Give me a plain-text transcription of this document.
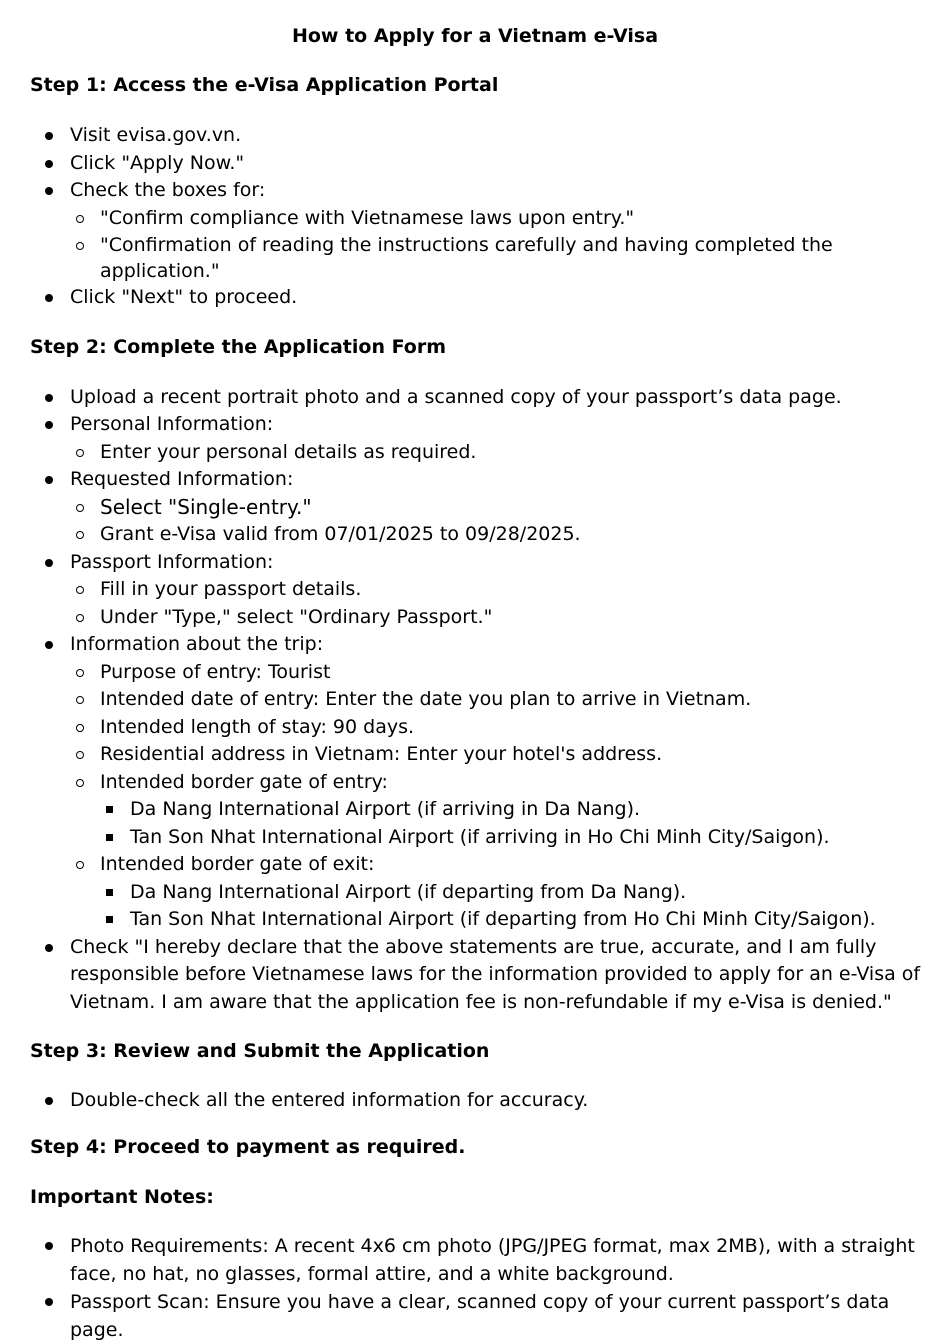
How to Apply for a Vietnam e-Visa
Step 1: Access the e-Visa Application Portal
Visit evisa.gov.vn.
Click "Apply Now."
Check the boxes for:
"Confirm compliance with Vietnamese laws upon entry."
"Confirmation of reading the instructions carefully and having completed the application."
Click "Next" to proceed.
Step 2: Complete the Application Form
Upload a recent portrait photo and a scanned copy of your passport’s data page.
Personal Information:
Enter your personal details as required.
Requested Information:
Select "Single-entry."
Grant e-Visa valid from 07/01/2025 to 09/28/2025.
Passport Information:
Fill in your passport details.
Under "Type," select "Ordinary Passport."
Information about the trip:
Purpose of entry: Tourist
Intended date of entry: Enter the date you plan to arrive in Vietnam.
Intended length of stay: 90 days.
Residential address in Vietnam: Enter your hotel's address.
Intended border gate of entry:
Da Nang International Airport (if arriving in Da Nang).
Tan Son Nhat International Airport (if arriving in Ho Chi Minh City/Saigon).
Intended border gate of exit:
Da Nang International Airport (if departing from Da Nang).
Tan Son Nhat International Airport (if departing from Ho Chi Minh City/Saigon).
Check "I hereby declare that the above statements are true, accurate, and I am fully responsible before Vietnamese laws for the information provided to apply for an e-Visa of Vietnam. I am aware that the application fee is non-refundable if my e-Visa is denied."
Step 3: Review and Submit the Application
Double-check all the entered information for accuracy.
Step 4: Proceed to payment as required.
Important Notes:
Photo Requirements: A recent 4x6 cm photo (JPG/JPEG format, max 2MB), with a straight face, no hat, no glasses, formal attire, and a white background.
Passport Scan: Ensure you have a clear, scanned copy of your current passport’s data page.
